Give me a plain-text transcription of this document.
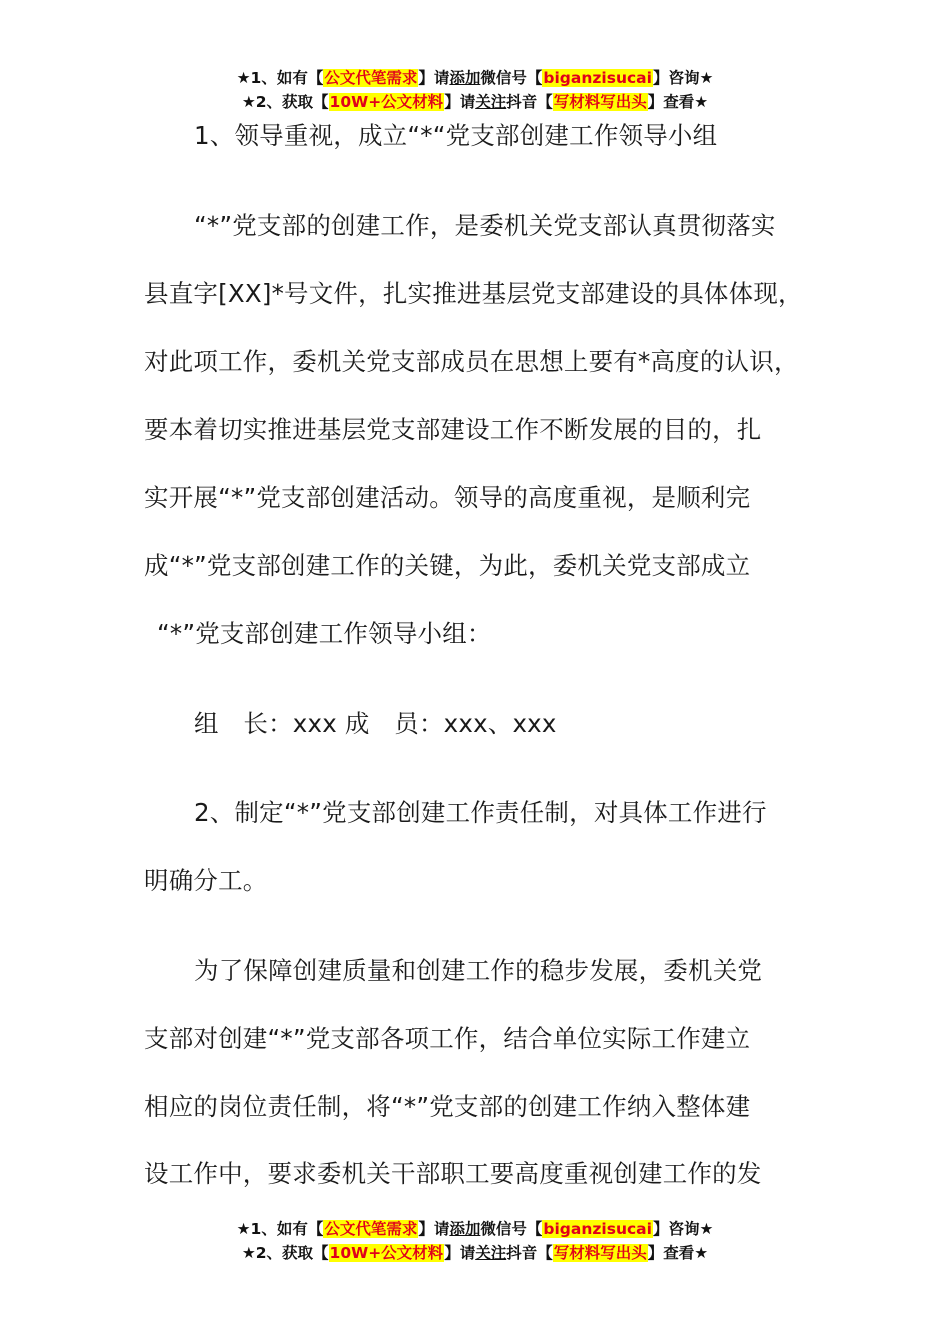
★1、如有【公文代笔需求】请添加微信号【biganzisucai】咨询★
★2、获取【10W+公文材料】请关注抖音【写材料写出头】查看★
1、领导重视，成立“*“党支部创建工作领导小组
“*”党支部的创建工作，是委机关党支部认真贯彻落实
县直字[XX]*号文件，扎实推进基层党支部建设的具体体现，
对此项工作，委机关党支部成员在思想上要有*高度的认识，
要本着切实推进基层党支部建设工作不断发展的目的，扎
实开展“*”党支部创建活动。领导的高度重视，是顺利完
成“*”党支部创建工作的关键，为此，委机关党支部成立
“*”党支部创建工作领导小组：
组　长：xxx 成　员：xxx、xxx
2、制定“*”党支部创建工作责任制，对具体工作进行
明确分工。
为了保障创建质量和创建工作的稳步发展，委机关党
支部对创建“*”党支部各项工作，结合单位实际工作建立
相应的岗位责任制，将“*”党支部的创建工作纳入整体建
设工作中，要求委机关干部职工要高度重视创建工作的发
★1、如有【公文代笔需求】请添加微信号【biganzisucai】咨询★
★2、获取【10W+公文材料】请关注抖音【写材料写出头】查看★
